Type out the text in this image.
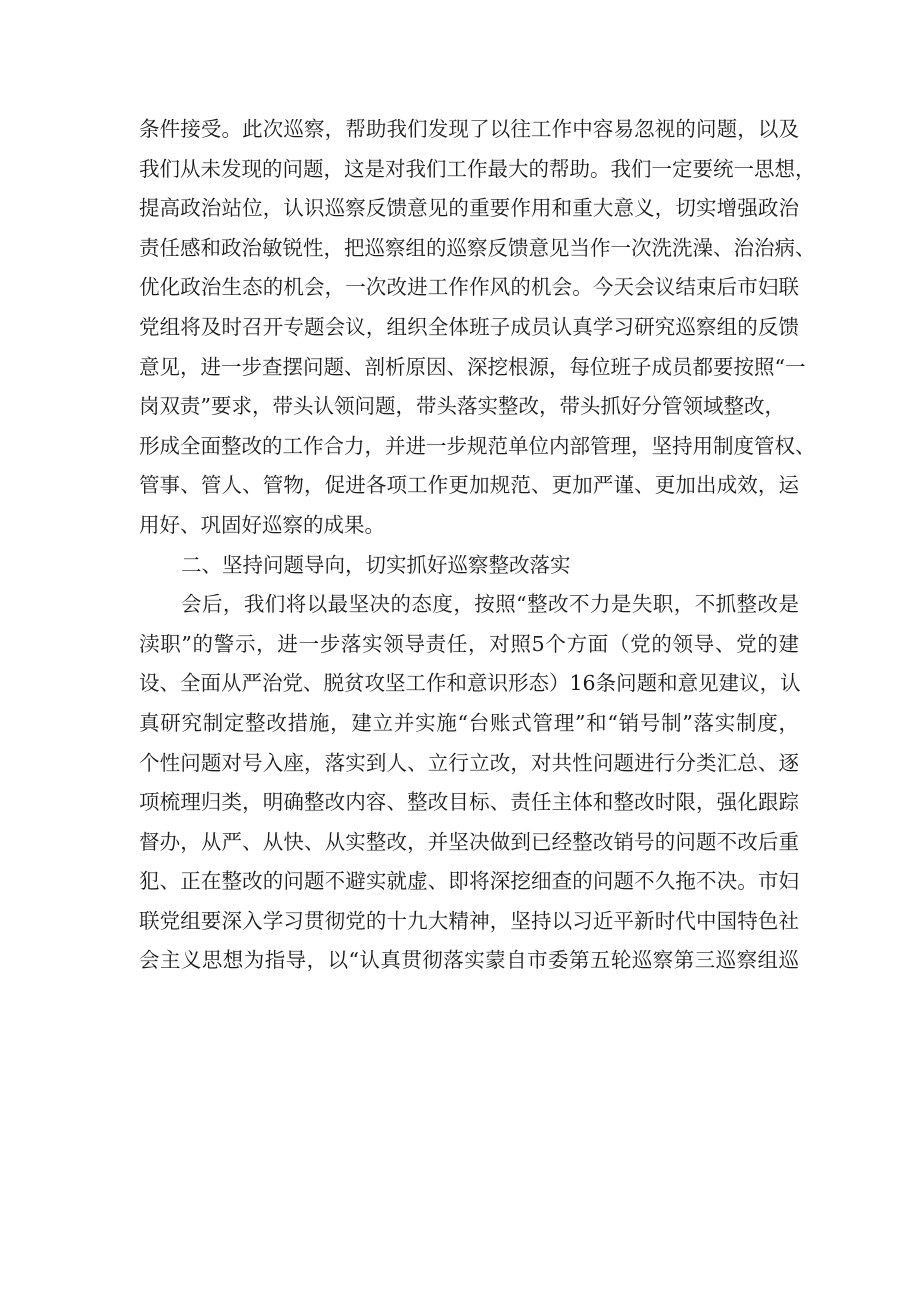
条件接受。此次巡察，帮助我们发现了以往工作中容易忽视的问题，以及
我们从未发现的问题，这是对我们工作最大的帮助。我们一定要统一思想，
提高政治站位，认识巡察反馈意见的重要作用和重大意义，切实增强政治
责任感和政治敏锐性，把巡察组的巡察反馈意见当作一次洗洗澡、治治病、
优化政治生态的机会，一次改进工作作风的机会。今天会议结束后市妇联
党组将及时召开专题会议，组织全体班子成员认真学习研究巡察组的反馈
意见，进一步查摆问题、剖析原因、深挖根源，每位班子成员都要按照“一
岗双责”要求，带头认领问题，带头落实整改，带头抓好分管领域整改，
形成全面整改的工作合力，并进一步规范单位内部管理，坚持用制度管权、
管事、管人、管物，促进各项工作更加规范、更加严谨、更加出成效，运
用好、巩固好巡察的成果。
二、坚持问题导向，切实抓好巡察整改落实
会后，我们将以最坚决的态度，按照“整改不力是失职，不抓整改是
渎职”的警示，进一步落实领导责任，对照5个方面（党的领导、党的建
设、全面从严治党、脱贫攻坚工作和意识形态）16条问题和意见建议，认
真研究制定整改措施，建立并实施“台账式管理”和“销号制”落实制度，
个性问题对号入座，落实到人、立行立改，对共性问题进行分类汇总、逐
项梳理归类，明确整改内容、整改目标、责任主体和整改时限，强化跟踪
督办，从严、从快、从实整改，并坚决做到已经整改销号的问题不改后重
犯、正在整改的问题不避实就虚、即将深挖细查的问题不久拖不决。市妇
联党组要深入学习贯彻党的十九大精神，坚持以习近平新时代中国特色社
会主义思想为指导，以“认真贯彻落实蒙自市委第五轮巡察第三巡察组巡
